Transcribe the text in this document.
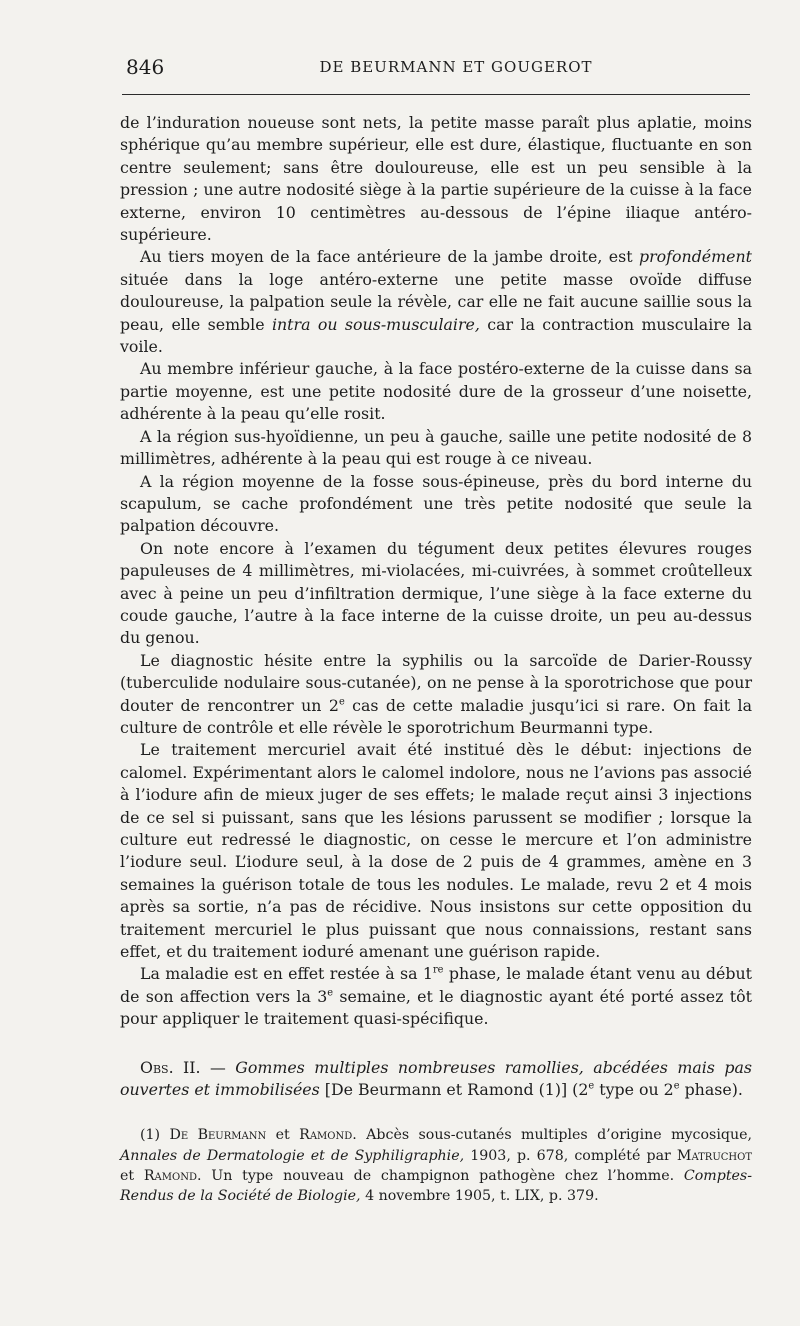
846	DE BEURMANN ET GOUGEROT

de l’induration noueuse sont nets, la petite masse paraît plus aplatie, moins sphérique qu’au membre supérieur, elle est dure, élastique, fluctuante en son centre seulement; sans être douloureuse, elle est un peu sensible à la pression ; une autre nodosité siège à la partie supérieure de la cuisse à la face externe, environ 10 centimètres au-dessous de l’épine iliaque antéro-supérieure.

Au tiers moyen de la face antérieure de la jambe droite, est profondément située dans la loge antéro-externe une petite masse ovoïde diffuse douloureuse, la palpation seule la révèle, car elle ne fait aucune saillie sous la peau, elle semble intra ou sous-musculaire, car la contraction musculaire la voile.

Au membre inférieur gauche, à la face postéro-externe de la cuisse dans sa partie moyenne, est une petite nodosité dure de la grosseur d’une noisette, adhérente à la peau qu’elle rosit.

A la région sus-hyoïdienne, un peu à gauche, saille une petite nodosité de 8 millimètres, adhérente à la peau qui est rouge à ce niveau.

A la région moyenne de la fosse sous-épineuse, près du bord interne du scapulum, se cache profondément une très petite nodosité que seule la palpation découvre.

On note encore à l’examen du tégument deux petites élevures rouges papuleuses de 4 millimètres, mi-violacées, mi-cuivrées, à sommet croûtelleux avec à peine un peu d’infiltration dermique, l’une siège à la face externe du coude gauche, l’autre à la face interne de la cuisse droite, un peu au-dessus du genou.

Le diagnostic hésite entre la syphilis ou la sarcoïde de Darier-Roussy (tuberculide nodulaire sous-cutanée), on ne pense à la sporotrichose que pour douter de rencontrer un 2e cas de cette maladie jusqu’ici si rare. On fait la culture de contrôle et elle révèle le sporotrichum Beurmanni type.

Le traitement mercuriel avait été institué dès le début: injections de calomel. Expérimentant alors le calomel indolore, nous ne l’avions pas associé à l’iodure afin de mieux juger de ses effets; le malade reçut ainsi 3 injections de ce sel si puissant, sans que les lésions parussent se modifier ; lorsque la culture eut redressé le diagnostic, on cesse le mercure et l’on administre l’iodure seul. L’iodure seul, à la dose de 2 puis de 4 grammes, amène en 3 semaines la guérison totale de tous les nodules. Le malade, revu 2 et 4 mois après sa sortie, n’a pas de récidive. Nous insistons sur cette opposition du traitement mercuriel le plus puissant que nous connaissions, restant sans effet, et du traitement ioduré amenant une guérison rapide.

La maladie est en effet restée à sa 1re phase, le malade étant venu au début de son affection vers la 3e semaine, et le diagnostic ayant été porté assez tôt pour appliquer le traitement quasi-spécifique.

Obs. II. — Gommes multiples nombreuses ramollies, abcédées mais pas ouvertes et immobilisées [De Beurmann et Ramond (1)] (2e type ou 2e phase).

(1) De Beurmann et Ramond. Abcès sous-cutanés multiples d’origine mycosique, Annales de Dermatologie et de Syphiligraphie, 1903, p. 678, complété par Matruchot et Ramond. Un type nouveau de champignon pathogène chez l’homme. Comptes-Rendus de la Société de Biologie, 4 novembre 1905, t. LIX, p. 379.
